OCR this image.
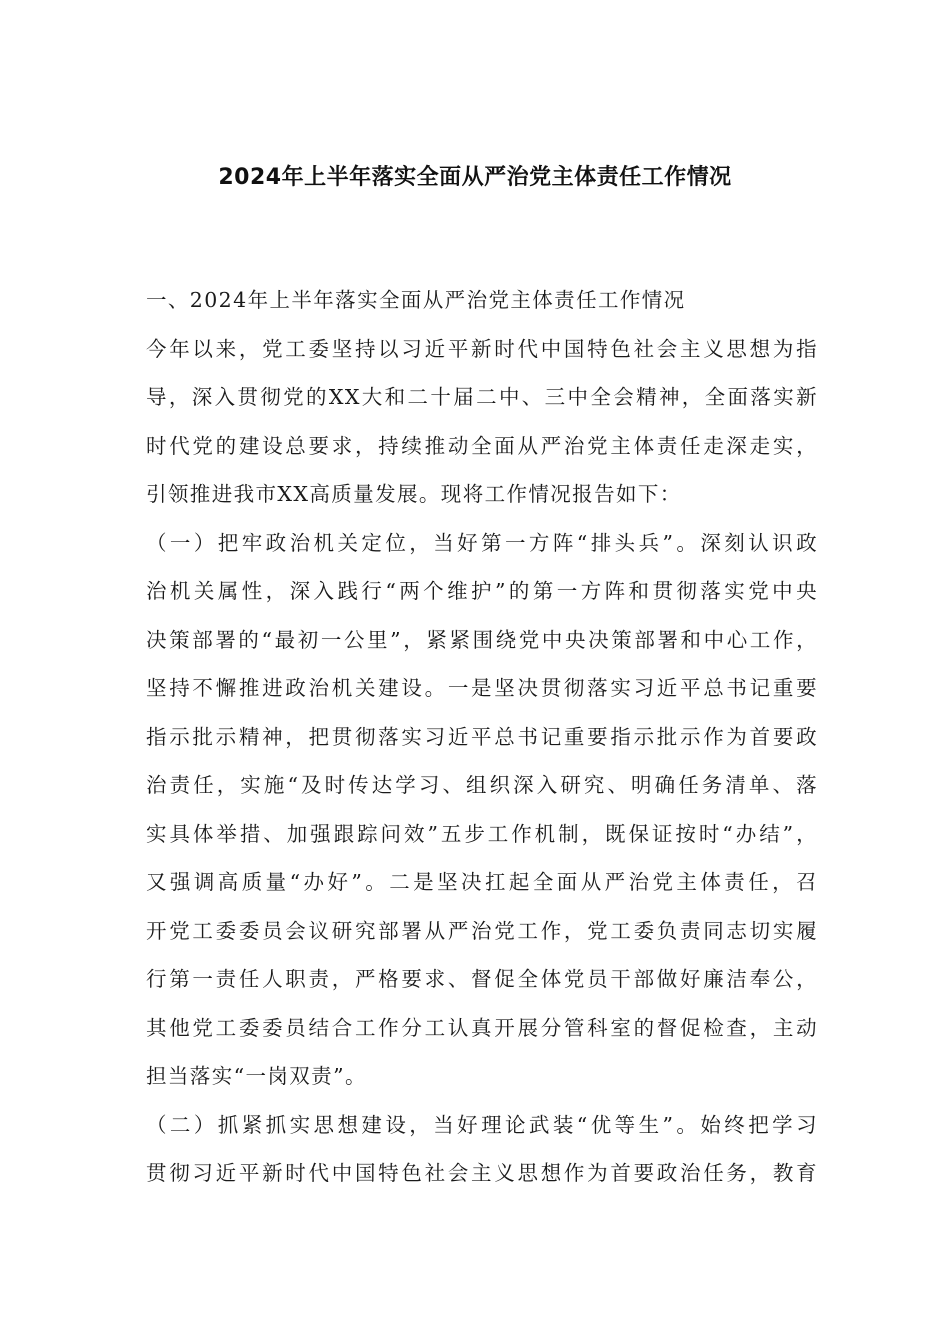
2024年上半年落实全面从严治党主体责任工作情况
一、2024年上半年落实全面从严治党主体责任工作情况
今年以来，党工委坚持以习近平新时代中国特色社会主义思想为指
导，深入贯彻党的XX大和二十届二中、三中全会精神，全面落实新
时代党的建设总要求，持续推动全面从严治党主体责任走深走实，
引领推进我市XX高质量发展。现将工作情况报告如下：
（一）把牢政治机关定位，当好第一方阵“排头兵”。深刻认识政
治机关属性，深入践行“两个维护”的第一方阵和贯彻落实党中央
决策部署的“最初一公里”，紧紧围绕党中央决策部署和中心工作，
坚持不懈推进政治机关建设。一是坚决贯彻落实习近平总书记重要
指示批示精神，把贯彻落实习近平总书记重要指示批示作为首要政
治责任，实施“及时传达学习、组织深入研究、明确任务清单、落
实具体举措、加强跟踪问效”五步工作机制，既保证按时“办结”，
又强调高质量“办好”。二是坚决扛起全面从严治党主体责任，召
开党工委委员会议研究部署从严治党工作，党工委负责同志切实履
行第一责任人职责，严格要求、督促全体党员干部做好廉洁奉公，
其他党工委委员结合工作分工认真开展分管科室的督促检查，主动
担当落实“一岗双责”。
（二）抓紧抓实思想建设，当好理论武装“优等生”。始终把学习
贯彻习近平新时代中国特色社会主义思想作为首要政治任务，教育
